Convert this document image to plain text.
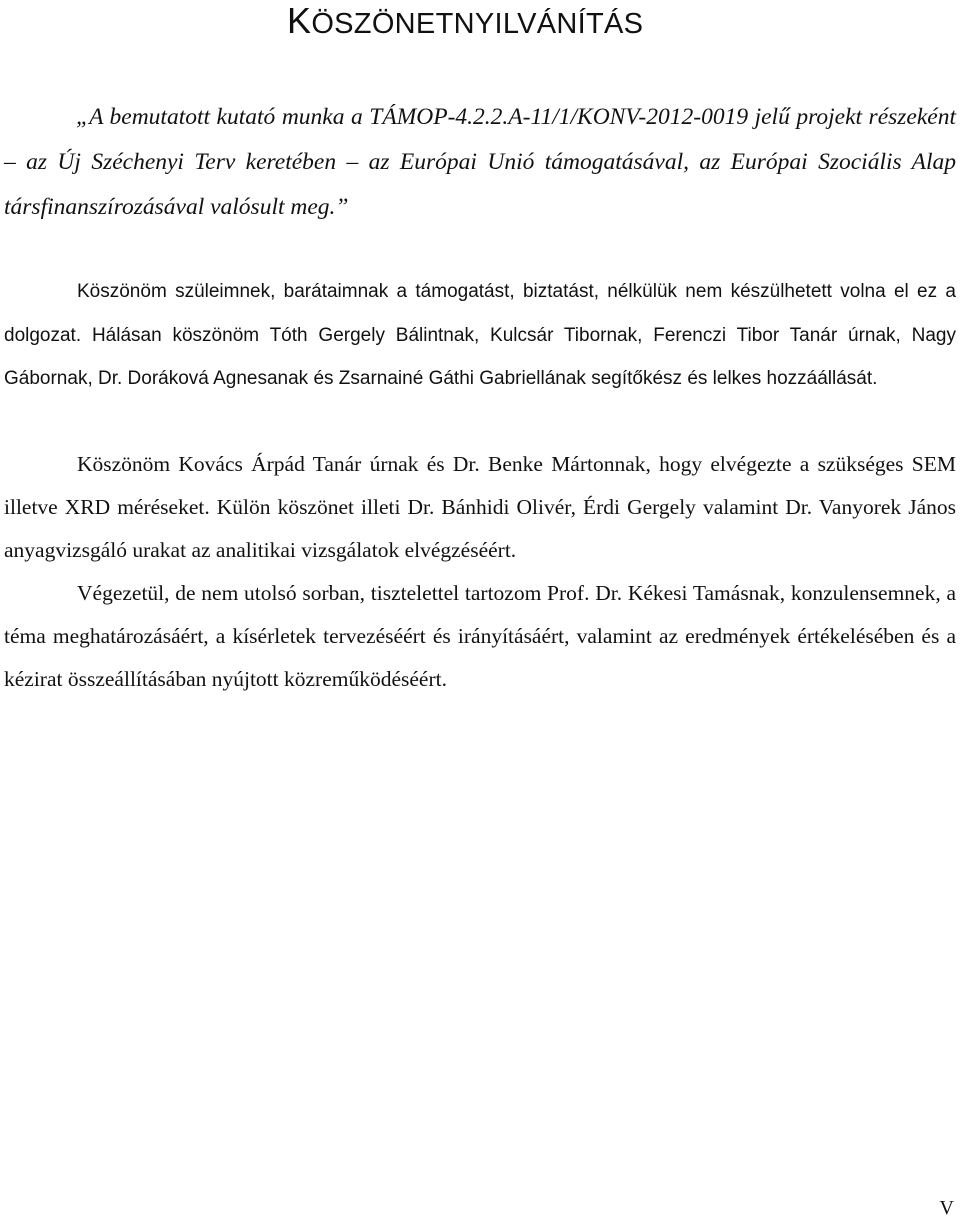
KÖSZÖNETNYILVÁNÍTÁS

„A bemutatott kutató munka a TÁMOP-4.2.2.A-11/1/KONV-2012-0019 jelű projekt részeként – az Új Széchenyi Terv keretében – az Európai Unió támogatásával, az Európai Szociális Alap társfinanszírozásával valósult meg.”

Köszönöm szüleimnek, barátaimnak a támogatást, biztatást, nélkülük nem készülhetett volna el ez a dolgozat. Hálásan köszönöm Tóth Gergely Bálintnak, Kulcsár Tibornak, Ferenczi Tibor Tanár úrnak, Nagy Gábornak, Dr. Doráková Agnesanak és Zsarnainé Gáthi Gabriellának segítőkész és lelkes hozzáállását.

Köszönöm Kovács Árpád Tanár úrnak és Dr. Benke Mártonnak, hogy elvégezte a szükséges SEM illetve XRD méréseket. Külön köszönet illeti Dr. Bánhidi Olivér, Érdi Gergely valamint Dr. Vanyorek János anyagvizsgáló urakat az analitikai vizsgálatok elvégzéséért.

Végezetül, de nem utolsó sorban, tisztelettel tartozom Prof. Dr. Kékesi Tamásnak, konzulensemnek, a téma meghatározásáért, a kísérletek tervezéséért és irányításáért, valamint az eredmények értékelésében és a kézirat összeállításában nyújtott közreműködéséért.

V
